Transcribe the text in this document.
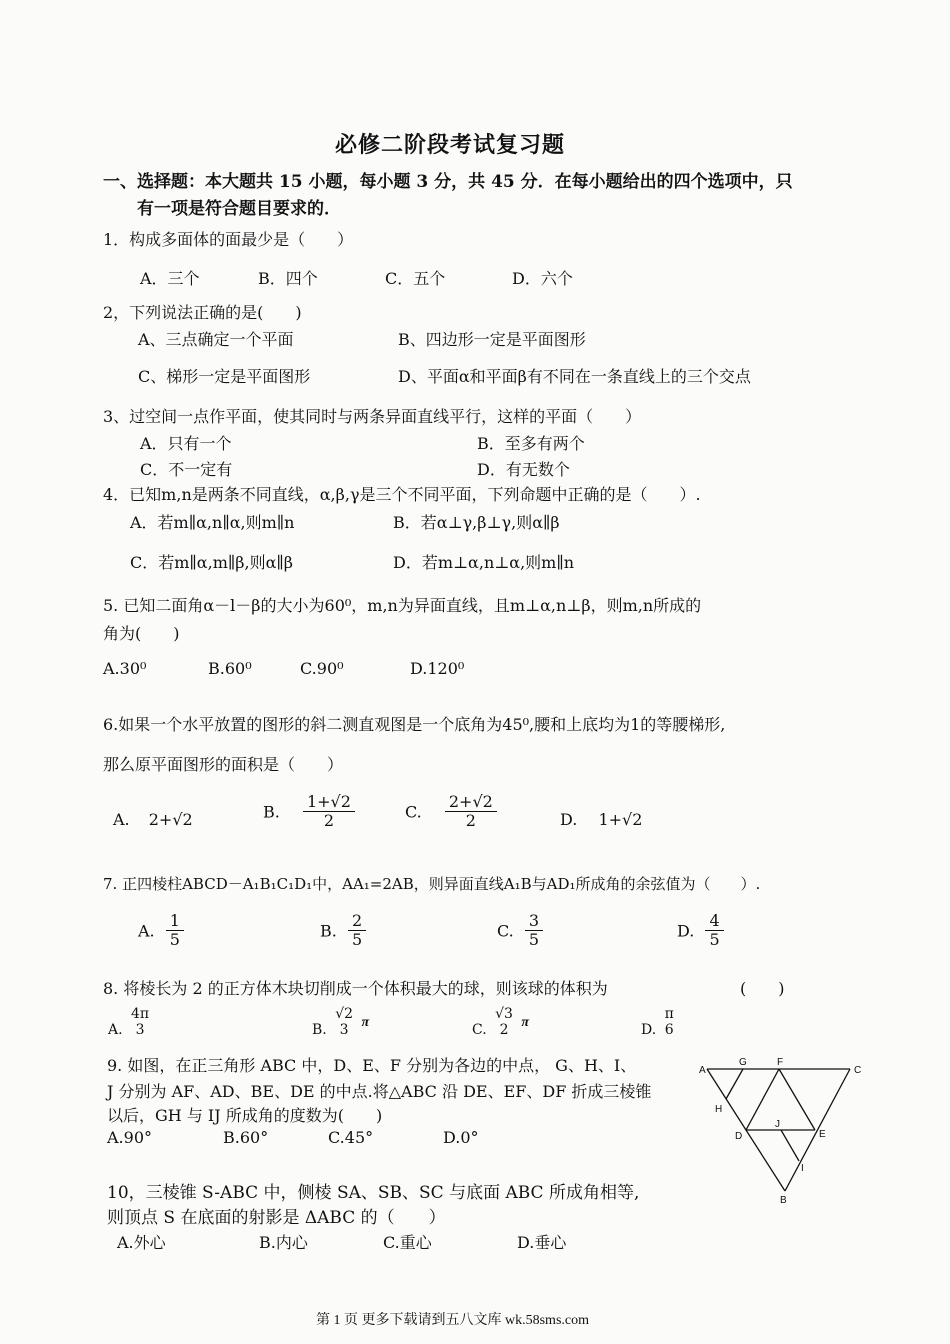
必修二阶段考试复习题
一、选择题：本大题共 15 小题，每小题 3 分，共 45 分．在每小题给出的四个选项中，只
有一项是符合题目要求的．
1．构成多面体的面最少是（　　）
A．三个	B．四个	C．五个	D．六个
2，下列说法正确的是(　　)
A、三点确定一个平面	B、四边形一定是平面图形
C、梯形一定是平面图形	D、平面α和平面β有不同在一条直线上的三个交点
3、过空间一点作平面，使其同时与两条异面直线平行，这样的平面（　　）
A．只有一个	B．至多有两个
C．不一定有	D．有无数个
4．已知m,n是两条不同直线，α,β,γ是三个不同平面，下列命题中正确的是（　　）.
A．若m∥α,n∥α,则m∥n	B．若α⊥γ,β⊥γ,则α∥β
C．若m∥α,m∥β,则α∥β	D．若m⊥α,n⊥α,则m∥n
5. 已知二面角α－l－β的大小为60⁰，m,n为异面直线，且m⊥α,n⊥β，则m,n所成的
角为(　　)
A.30⁰	B.60⁰	C.90⁰	D.120⁰
6.如果一个水平放置的图形的斜二测直观图是一个底角为45⁰,腰和上底均为1的等腰梯形,
那么原平面图形的面积是（　　）
A. 2+√2	B. $\frac{1+√2}{2}$	C. $\frac{2+√2}{2}$	D. 1+√2
7. 正四棱柱ABCD－A₁B₁C₁D₁中，AA₁=2AB，则异面直线A₁B与AD₁所成角的余弦值为（　　）.
A. $\frac{1}{5}$	B. $\frac{2}{5}$	C. $\frac{3}{5}$	D. $\frac{4}{5}$
8. 将棱长为 2 的正方体木块切削成一个体积最大的球，则该球的体积为	(　　)
A.
4π
3	B.
√2
3 π	C.
√3
2 π	D.
π
6
9. 如图，在正三角形 ABC 中，D、E、F 分别为各边的中点， G、H、I、
J 分别为 AF、AD、BE、DE 的中点.将△ABC 沿 DE、EF、DF 折成三棱锥
以后，GH 与 IJ 所成角的度数为(　　)
A.90°	B.60°	C.45°	D.0°
A
G	F
C
H
J
D	E
I
B
10，三棱锥 S-ABC 中，侧棱 SA、SB、SC 与底面 ABC 所成角相等,
则顶点 S 在底面的射影是 ΔABC 的（　　）
A.外心	B.内心	C.重心	D.垂心
第 1 页 更多下载请到五八文库 wk.58sms.com
